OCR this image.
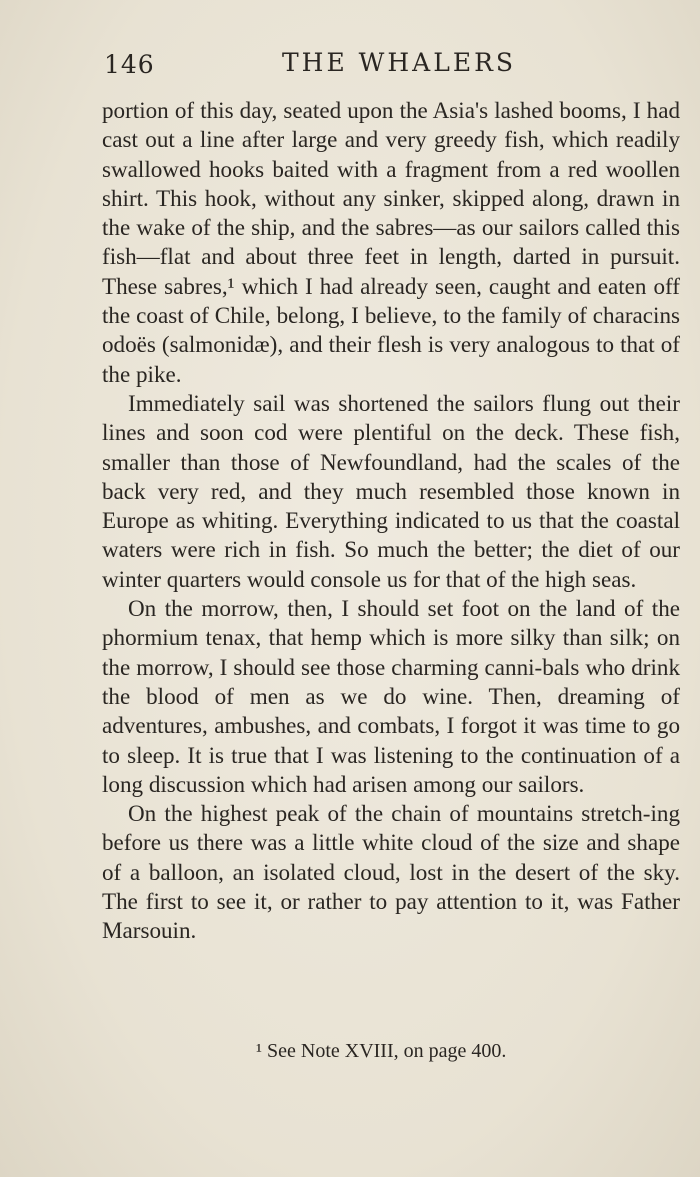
146	THE WHALERS

portion of this day, seated upon the Asia's lashed booms, I had cast out a line after large and very greedy fish, which readily swallowed hooks baited with a fragment from a red woollen shirt. This hook, without any sinker, skipped along, drawn in the wake of the ship, and the sabres—as our sailors called this fish—flat and about three feet in length, darted in pursuit. These sabres,¹ which I had already seen, caught and eaten off the coast of Chile, belong, I believe, to the family of characins odoës (salmonidæ), and their flesh is very analogous to that of the pike.

Immediately sail was shortened the sailors flung out their lines and soon cod were plentiful on the deck. These fish, smaller than those of Newfoundland, had the scales of the back very red, and they much resembled those known in Europe as whiting. Everything indicated to us that the coastal waters were rich in fish. So much the better; the diet of our winter quarters would console us for that of the high seas.

On the morrow, then, I should set foot on the land of the phormium tenax, that hemp which is more silky than silk; on the morrow, I should see those charming canni-bals who drink the blood of men as we do wine. Then, dreaming of adventures, ambushes, and combats, I forgot it was time to go to sleep. It is true that I was listening to the continuation of a long discussion which had arisen among our sailors.

On the highest peak of the chain of mountains stretch-ing before us there was a little white cloud of the size and shape of a balloon, an isolated cloud, lost in the desert of the sky. The first to see it, or rather to pay attention to it, was Father Marsouin.

¹ See Note XVIII, on page 400.
